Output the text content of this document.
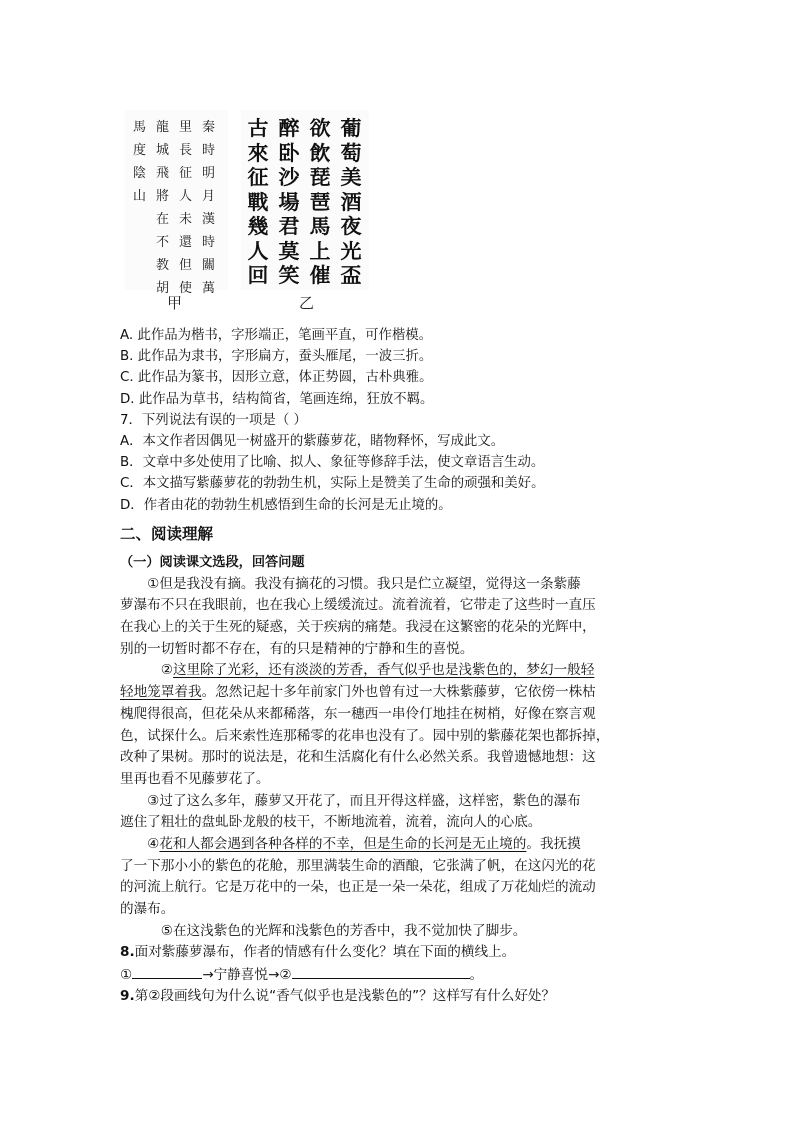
秦
時
明
月
漢
時
關
萬
里
長
征
人
未
還
但
使
龍
城
飛
將
在
不
教
胡
馬
度
陰
山
葡
萄
美
酒
夜
光
盃
欲
飲
琵
琶
馬
上
催
醉
卧
沙
場
君
莫
笑
古
來
征
戰
幾
人
回
甲	乙
A. 此作品为楷书，字形端正，笔画平直，可作楷模。
B. 此作品为隶书，字形扁方，蚕头雁尾，一波三折。
C. 此作品为篆书，因形立意，体正势圆，古朴典雅。
D. 此作品为草书，结构简省，笔画连绵，狂放不羁。
7．下列说法有误的一项是（ ）
A．本文作者因偶见一树盛开的紫藤萝花，睹物释怀，写成此文。
B．文章中多处使用了比喻、拟人、象征等修辞手法，使文章语言生动。
C．本文描写紫藤萝花的勃勃生机，实际上是赞美了生命的顽强和美好。
D．作者由花的勃勃生机感悟到生命的长河是无止境的。
二、阅读理解
（一）阅读课文选段，回答问题
　　①但是我没有摘。我没有摘花的习惯。我只是伫立凝望，觉得这一条紫藤
萝瀑布不只在我眼前，也在我心上缓缓流过。流着流着，它带走了这些时一直压
在我心上的关于生死的疑惑，关于疾病的痛楚。我浸在这繁密的花朵的光辉中，
别的一切暂时都不存在，有的只是精神的宁静和生的喜悦。
　　　②这里除了光彩，还有淡淡的芳香，香气似乎也是浅紫色的，梦幻一般轻
轻地笼罩着我。忽然记起十多年前家门外也曾有过一大株紫藤萝，它依傍一株枯
槐爬得很高，但花朵从来都稀落，东一穗西一串伶仃地挂在树梢，好像在察言观
色，试探什么。后来索性连那稀零的花串也没有了。园中别的紫藤花架也都拆掉，
改种了果树。那时的说法是，花和生活腐化有什么必然关系。我曾遗憾地想：这
里再也看不见藤萝花了。
　　③过了这么多年，藤萝又开花了，而且开得这样盛，这样密，紫色的瀑布
遮住了粗壮的盘虬卧龙般的枝干，不断地流着，流着，流向人的心底。
　　④花和人都会遇到各种各样的不幸，但是生命的长河是无止境的。我抚摸
了一下那小小的紫色的花舱，那里满装生命的酒酿，它张满了帆，在这闪光的花
的河流上航行。它是万花中的一朵，也正是一朵一朵花，组成了万花灿烂的流动
的瀑布。
　　　⑤在这浅紫色的光辉和浅紫色的芳香中，我不觉加快了脚步。
8.面对紫藤萝瀑布，作者的情感有什么变化？填在下面的横线上。
①	→宁静喜悦→②	。
9.第②段画线句为什么说“香气似乎也是浅紫色的”？这样写有什么好处？
